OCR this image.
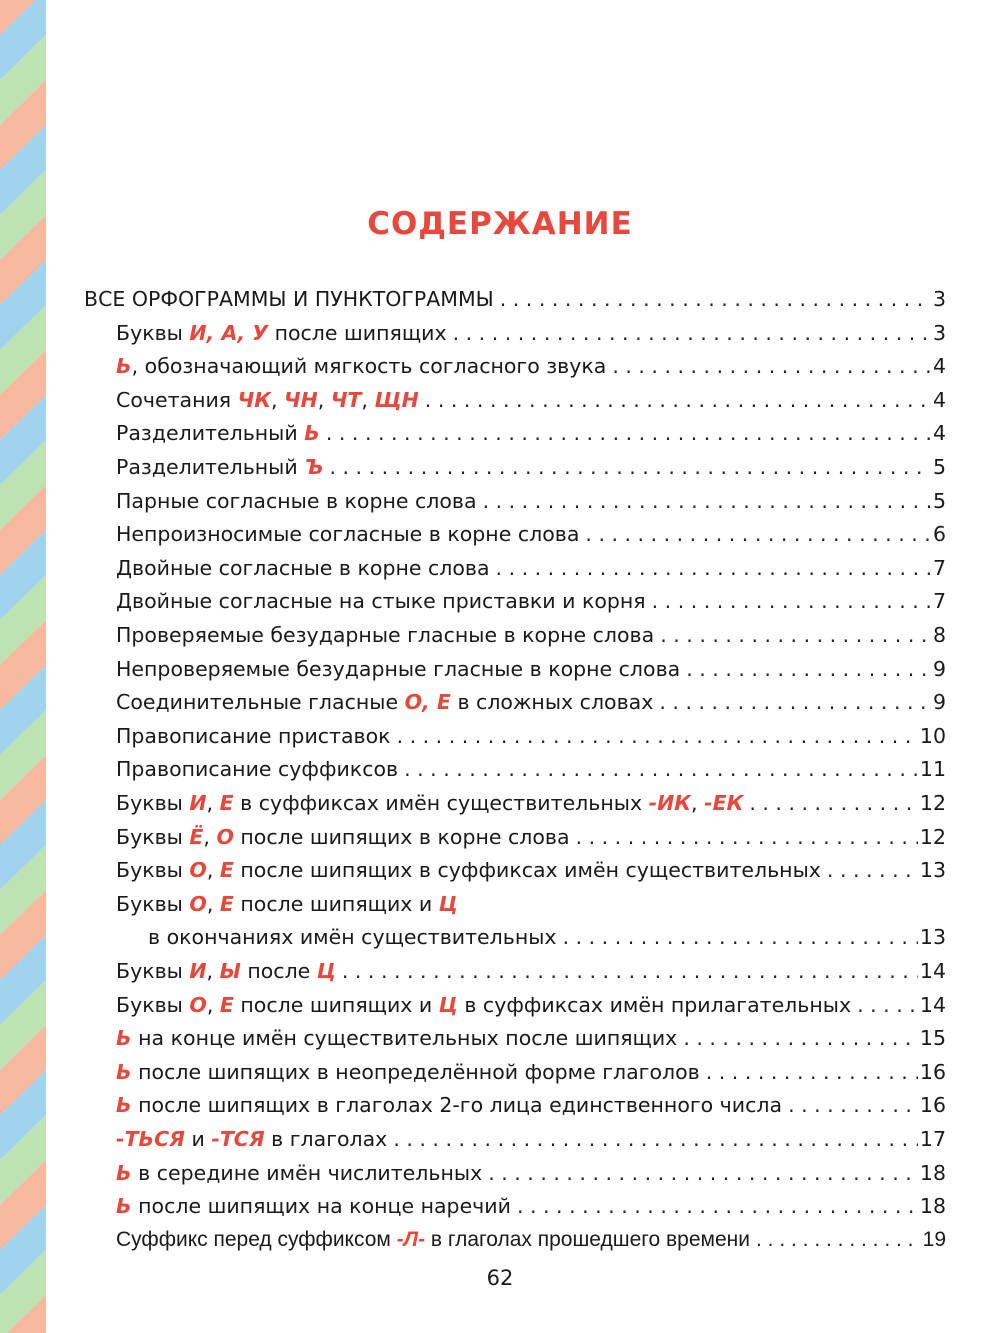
СОДЕРЖАНИЕ
ВСЕ ОРФОГРАММЫ И ПУНКТОГРАММЫ . . .	3
Буквы И, А, У после шипящих . . .	3
Ь, обозначающий мягкость согласного звука . . .	4
Сочетания ЧК, ЧН, ЧТ, ЩН . . .	4
Разделительный Ь . . .	4
Разделительный Ъ . . .	5
Парные согласные в корне слова . . .	5
Непроизносимые согласные в корне слова . . .	6
Двойные согласные в корне слова . . .	7
Двойные согласные на стыке приставки и корня . . .	7
Проверяемые безударные гласные в корне слова . . .	8
Непроверяемые безударные гласные в корне слова . . .	9
Соединительные гласные О, Е в сложных словах . . .	9
Правописание приставок . . .	10
Правописание суффиксов . . .	11
Буквы И, Е в суффиксах имён существительных -ИК, -ЕК . . .	12
Буквы Ё, О после шипящих в корне слова . . .	12
Буквы О, Е после шипящих в суффиксах имён существительных . . .	13
Буквы О, Е после шипящих и Ц
в окончаниях имён существительных . . .	13
Буквы И, Ы после Ц . . .	14
Буквы О, Е после шипящих и Ц в суффиксах имён прилагательных . . .	14
Ь на конце имён существительных после шипящих . . .	15
Ь после шипящих в неопределённой форме глаголов . . .	16
Ь после шипящих в глаголах 2-го лица единственного числа . . .	16
-ТЬСЯ и -ТСЯ в глаголах . . .	17
Ь в середине имён числительных . . .	18
Ь после шипящих на конце наречий . . .	18
Суффикс перед суффиксом -Л- в глаголах прошедшего времени . . .	19
62
